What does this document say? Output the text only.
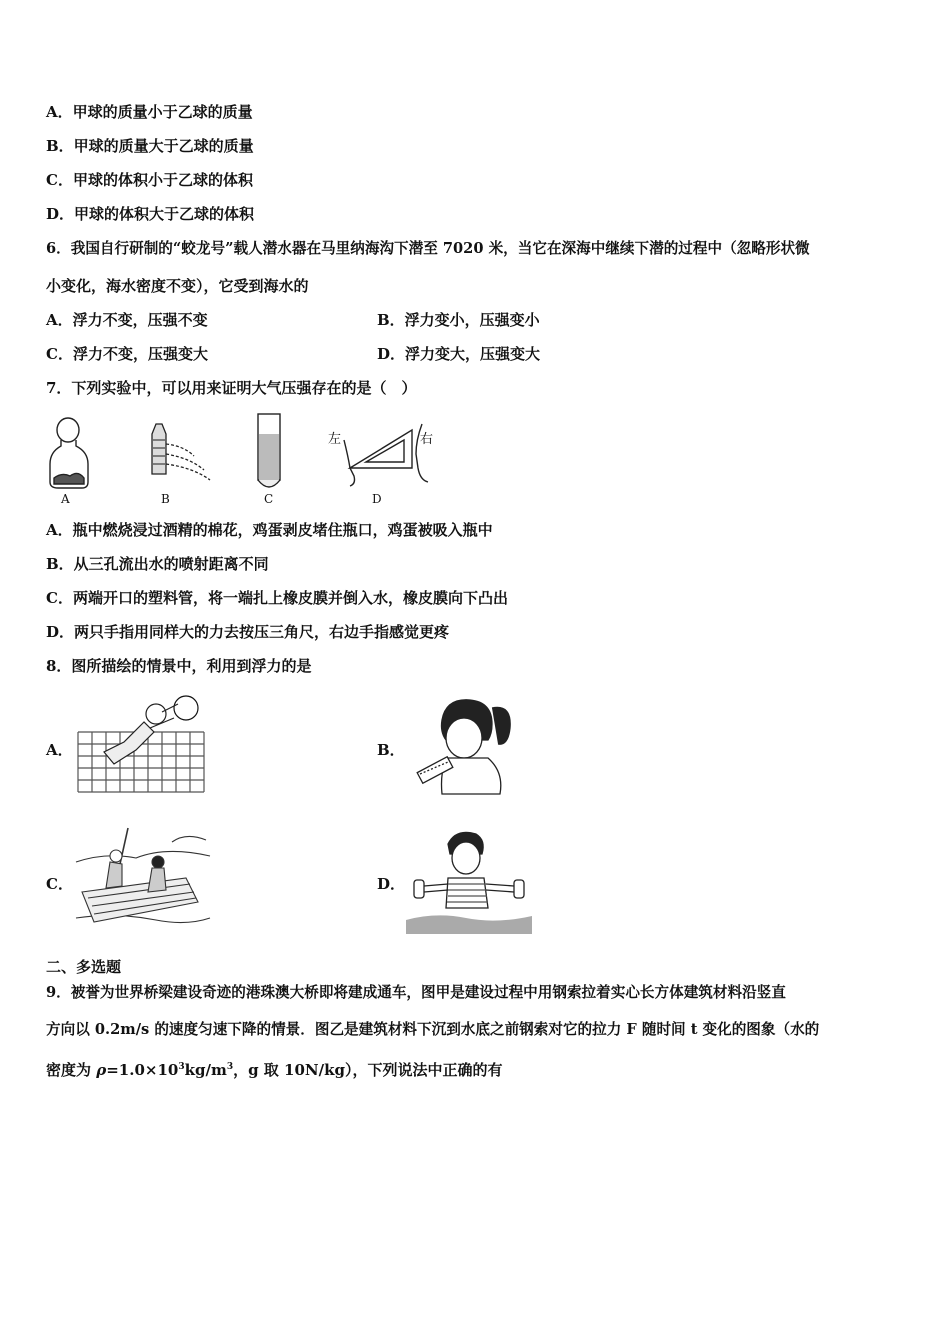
A．甲球的质量小于乙球的质量
B．甲球的质量大于乙球的质量
C．甲球的体积小于乙球的体积
D．甲球的体积大于乙球的体积
6．我国自行研制的“蛟龙号”载人潜水器在马里纳海沟下潜至 7020 米，当它在深海中继续下潜的过程中（忽略形状微
小变化，海水密度不变），它受到海水的
A．浮力不变，压强不变	B．浮力变小，压强变小
C．浮力不变，压强变大	D．浮力变大，压强变大
7．下列实验中，可以用来证明大气压强存在的是（　）
A	B	C	D
左	右
A．瓶中燃烧浸过酒精的棉花，鸡蛋剥皮堵住瓶口，鸡蛋被吸入瓶中
B．从三孔流出水的喷射距离不同
C．两端开口的塑料管，将一端扎上橡皮膜并倒入水，橡皮膜向下凸出
D．两只手指用同样大的力去按压三角尺，右边手指感觉更疼
8．图所描绘的情景中，利用到浮力的是
A．	B．
C．	D．
二、多选题
9．被誉为世界桥梁建设奇迹的港珠澳大桥即将建成通车，图甲是建设过程中用钢索拉着实心长方体建筑材料沿竖直
方向以 0.2m/s 的速度匀速下降的情景．图乙是建筑材料下沉到水底之前钢索对它的拉力 F 随时间 t 变化的图象（水的
密度为 $\rho=1.0\times 10^3kg/m^3$，g 取 10N/kg），下列说法中正确的有
